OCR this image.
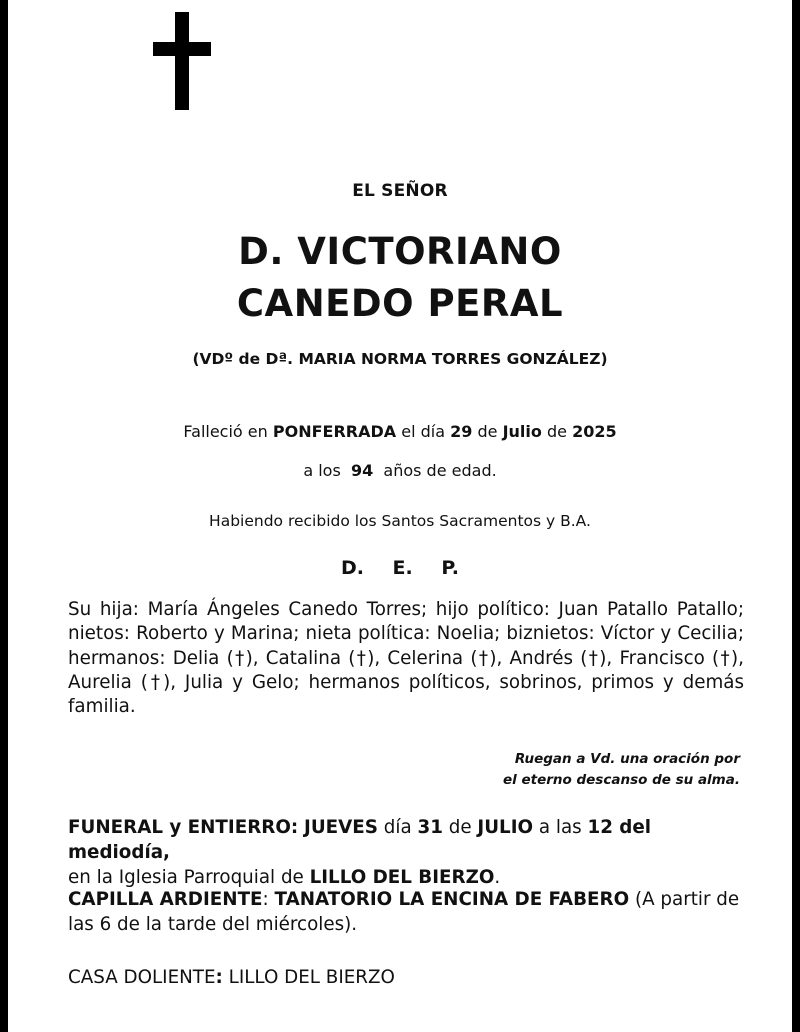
EL SEÑOR
D. VICTORIANO
CANEDO PERAL
(VDº de Dª. MARIA NORMA TORRES GONZÁLEZ)
Falleció en PONFERRADA el día 29 de Julio de 2025
a los 94 años de edad.
Habiendo recibido los Santos Sacramentos y B.A.
D. E. P.
Su hija: María Ángeles Canedo Torres; hijo político: Juan Patallo Patallo; nietos: Roberto y Marina; nieta política: Noelia; biznietos: Víctor y Cecilia; hermanos: Delia (†), Catalina (†), Celerina (†), Andrés (†), Francisco (†), Aurelia (†), Julia y Gelo; hermanos políticos, sobrinos, primos y demás familia.
Ruegan a Vd. una oración por
el eterno descanso de su alma.
FUNERAL y ENTIERRO: JUEVES día 31 de JULIO a las 12 del mediodía,
en la Iglesia Parroquial de LILLO DEL BIERZO.
CAPILLA ARDIENTE: TANATORIO LA ENCINA DE FABERO (A partir de las 6 de la tarde del miércoles).
CASA DOLIENTE: LILLO DEL BIERZO
